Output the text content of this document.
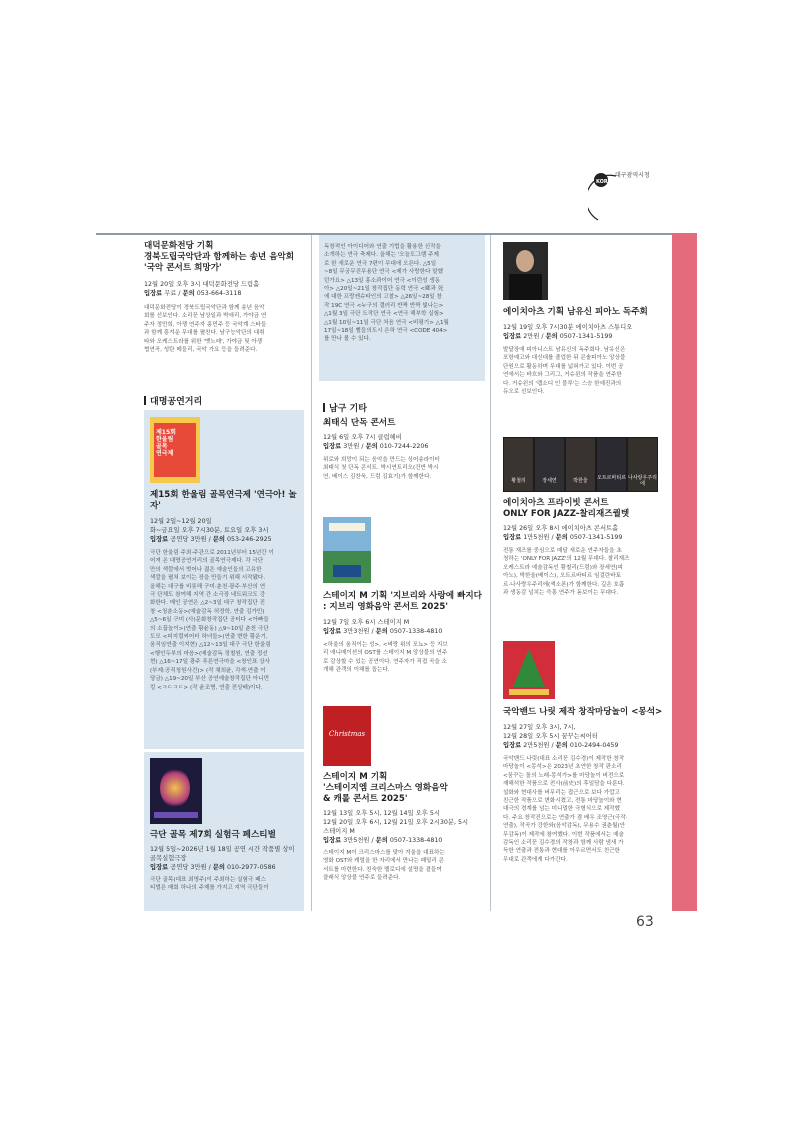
KOR
대구광역시청

대덕문화전당 기획

경북도립국악단과 함께하는 송년 음악회

'국악 콘서트 희망가'

12월 20일 오후 3시 대덕문화전당 드림홀

입장료 무료 / 문의 053-664-3118

대덕문화전당이 경북도립국악단과 함께 송년 음악

회를 선보인다. 소리꾼 남상일과 박애리, 가야금 연

주자 정민희, 아쟁 연주자 홍민주 등 국악계 스타들

과 함께 흥겨운 무대를 펼친다. 남구능악단의 대취

타와 오케스트라를 위한 '뱃노래', 가야금 및 아쟁

협연곡, 성탄 메들리, 국악 가요 등을 들려준다.

대명공연거리
제15회
한울림
골목
연극제

제15회 한울림 골목연극제 '연극아! 놀자'

12월 2일~12월 20일

화~금요일 오후 7시30분, 토요일 오후 3시

입장료 공연당 3만원 / 문의 053-246-2925

극단 한울림 주최·주관으로 2011년부터 15년간 이

어져 온 대명공연거리의 골목연극제다. 각 극단

만의 색깔에서 벗어나 젊은 예술인들의 고유한

색깔을 펼쳐 보이는 장을 만들기 위해 시작됐다.

올해는 대구를 비롯해 구미·춘천·광주·부산의 연

극 단체도 참여해 지역 간 소극장 네트워크도 강

화한다. 메인 공연은 △2~3일 대구 창작집단 진

창 <청춘소동>(예술감독 허정학, 연출 김가민)

△5~6일 구미 (사)문화창작집단 공터다 <아빠들

의 소꿉놀이>(연출 황윤동) △9~10일 춘천 극단

도모 <피지컬씨어터 하녀들>(연출 변한 황운기,

움직임연출 이지현) △12~13일 대구 극단 한울림

<행인두부의 마음>(예술감독 정철원, 연출 정선

현) △16~17일 광주 푸른연극마을 <창인표 상사

(부제:공직청원사건)> (작 채희윤, 각색·연출 이

당금) △19~20일 부산 공연예술창작집단 아니먼

킹 <ㅋㄷㅋㄷ> (작 윤조병, 연출 전상배)이다.

극단 골목 제7회 실험극 페스티벌

12월 5일~2026년 1월 18일 공연 시간 작품별 상이

골목실험극장

입장료 공연당 3만원 / 문의 010-2977-0586

극단 골목(대표 최명주)이 주최하는 실험극 페스

티벌은 매회 하나의 주제를 가지고 지역 극단들이

독창적인 아이디어와 연출 기법을 활용한 신작을

소개하는 연극 축제다. 올해는 '오늘도그램 주제

로 한 새로운 연극 7편이 무대에 오른다. △5일

~8일 무궁무진무용단 연극 <제가 사랑한다 말했

던가요> △13일 홍소콰이어 연극 <이런성 생동

아> △20일~21일 창작집단 동력 연극 <鄕과 死

에 대한 프랑켄슈타인의 고찰> △26일~28일 창

작 19C 연극 <누구의 갤러리 반짝 반짝 빛나는>

△1월 3일 극단 도작단 연극 <연극 해부학 실험>

△1월 10일~11일 극단 처음 연극 <비평기> △1월

17일~18일 뻘들의도시 은하 연극 <CODE 404>

를 만나 볼 수 있다.

남구 기타

최태식 단독 콘서트

12월 6일 오후 7시 클럽헤비

입장료 3만원 / 문의 010-7244-2206

위로와 희망이 되는 음악을 만드는 싱어송라이터

최태식 첫 단독 콘서트. 박시연트리오(건반 박시

연, 베이스 김찬욱, 드럼 김효기)가 함께한다.

스테이지 M 기획 '지브리와 사랑에 빠지다

: 지브리 영화음악 콘서트 2025'

12월 7일 오후 6시 스테이지 M

입장료 3만3천원 / 문의 0507-1338-4810

<하울의 움직이는 성>, <벼랑 위의 포뇨> 등 지브

리 애니메이션의 OST를 스테이지 M 앙상블의 연주

로 감상할 수 있는 공연이다. 연주자가 직접 곡을 소

개해 관객의 이해를 돕는다.

Christmas

스테이지 M 기획

'스테이지엠 크리스마스 영화음악

& 캐롤 콘서트 2025'

12월 13일 오후 5시, 12월 14일 오후 5시

12월 20일 오후 6시, 12월 21일 오후 2시30분, 5시

스테이지 M

입장료 3만5천원 / 문의 0507-1338-4810

스테이지 M이 크리스마스를 맞아 겨울을 대표하는

영화 OST와 캐럴을 한 자리에서 만나는 패밀리 콘

서트를 마련한다. 친숙한 멜로디에 설명을 곁들여

클래식 앙상블 연주로 들려준다.

에이치아츠 기획 남유신 피아노 독주회

12월 19일 오후 7시30분 에이치아츠 스튜디오

입장료 2만원 / 문의 0507-1341-5199

발달장애 피아니스트 남유신의 독주회다. 남유신은

포항예고와 대신대를 졸업한 뒤 콘솔피아노 앙상블

단원으로 활동하며 무대를 넓혀가고 있다. 이번 공

연에서는 바흐와 그리그, 거슈윈의 작품을 연주한

다. 거슈윈의 '랩소디 인 블루'는 스승 한예진과의

듀오로 선보인다.

황철리	장세연	박한울	오트르바티르 나사랑우주리에

에이치아츠 프라이빗 콘서트

ONLY FOR JAZZ-찰리재즈퀄텟

12월 26일 오후 8시 에이치아츠 콘서트홀

입장료 1만5천원 / 문의 0507-1341-5199

전통 재즈를 중심으로 매달 새로운 연주자들을 초

청하는 'ONLY FOR JAZZ'의 12월 무대다. 찰리재즈

오케스트라 예술감독인 황철리(드럼)와 장세연(피

아노), 박한울(베이스), 오트르바티르 임걸란바토

르·나사랑우주리에(색소폰)가 함께한다. 깊은 호흡

과 생동감 넘치는 즉흥 연주가 돋보이는 무대다.

국악밴드 나릿 제작 창작마당놀이 <몽석>

12월 27일 오후 3시, 7시,

12월 28일 오후 5시 꿈꾸는씨어터

입장료 2만5천원 / 문의 010-2494-0459

국악밴드 나릿(대표 소리꾼 김수경)이 제작한 창작

마당놀이 <몽석>은 2023년 초연한 창작 판소리

<꿈꾸는 돌의 노래-몽석가>를 마당놀이 버전으로

재해석한 작품으로 전사(前史)의 후일담을 다룬다.

설화와 현대사를 버무리는 접근으로 보다 가깝고

친근한 작품으로 변화시켰고, 전통 마당놀이와 현

대극의 경계를 넘는 미니멀한 극형식으로 제작했

다. 주요 창작진으로는 연출가 겸 배우 조영근(극작·

연출), 작곡가 강한와(음악감독), 무용수 권춘월(안

무감독)이 제작에 참여했다. 이번 작품에서는 예술

감독인 소리꾼 김수경의 작창과 함께 사람 냄새 가

득한 연출과 전통과 현대를 아우르면서도 친근한

무대로 관객에게 다가간다.

63
